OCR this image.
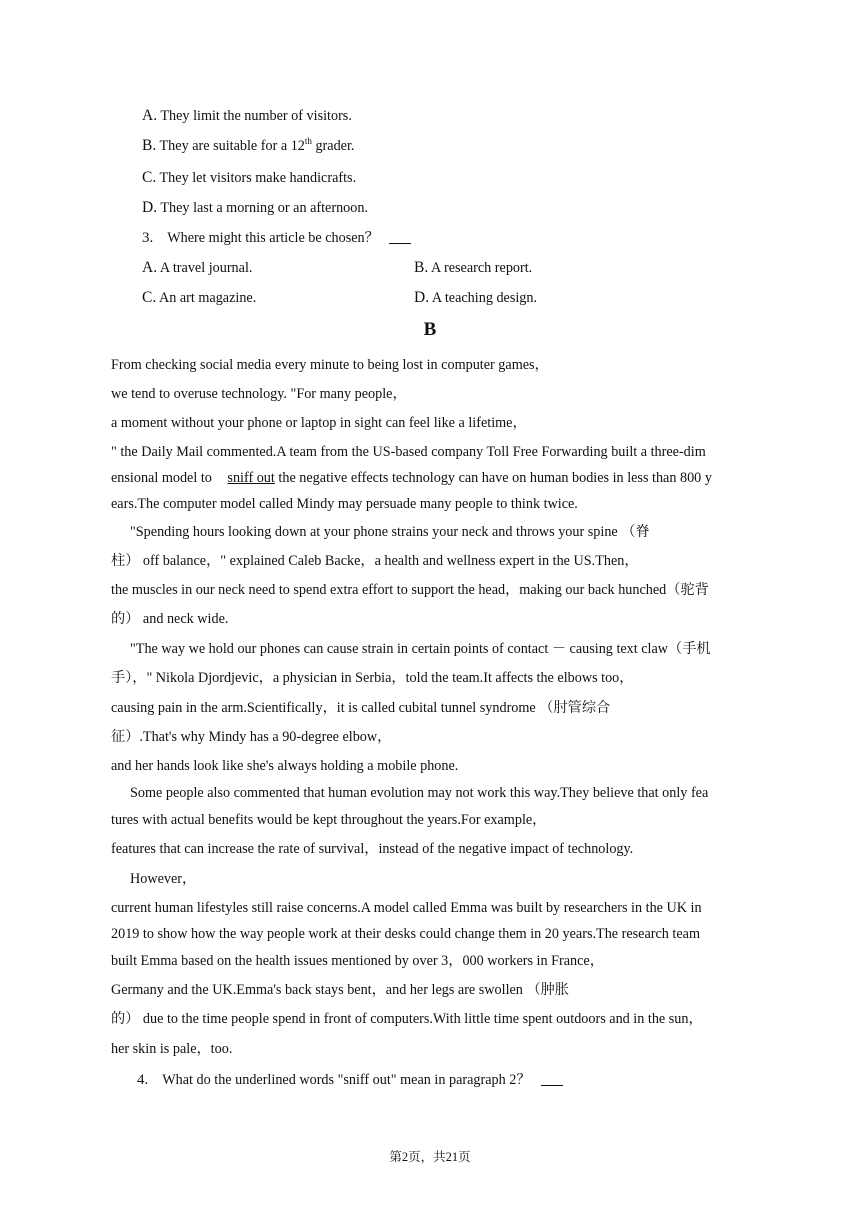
A. They limit the number of visitors.
B. They are suitable for a 12th grader.
C. They let visitors make handicrafts.
D. They last a morning or an afternoon.
3. Where might this article be chosen？
A. A travel journal.	B. A research report.
C. An art magazine.	D. A teaching design.
B
From checking social media every minute to being lost in computer games，
we tend to overuse technology. "For many people，
a moment without your phone or laptop in sight can feel like a lifetime，
" the Daily Mail commented.A team from the US-based company Toll Free Forwarding built a three-dim
ensional model to sniff out the negative effects technology can have on human bodies in less than 800 y
ears.The computer model called Mindy may persuade many people to think twice.
"Spending hours looking down at your phone strains your neck and throws your spine （脊
柱） off balance，" explained Caleb Backe，a health and wellness expert in the US.Then，
the muscles in our neck need to spend extra effort to support the head，making our back hunched（驼背
的） and neck wide.
"The way we hold our phones can cause strain in certain points of contact － causing text claw（手机
手），" Nikola Djordjevic，a physician in Serbia，told the team.It affects the elbows too，
causing pain in the arm.Scientifically，it is called cubital tunnel syndrome （肘管综合
征）.That's why Mindy has a 90-degree elbow，
and her hands look like she's always holding a mobile phone.
Some people also commented that human evolution may not work this way.They believe that only fea
tures with actual benefits would be kept throughout the years.For example，
features that can increase the rate of survival，instead of the negative impact of technology.
However，
current human lifestyles still raise concerns.A model called Emma was built by researchers in the UK in
2019 to show how the way people work at their desks could change them in 20 years.The research team
built Emma based on the health issues mentioned by over 3，000 workers in France，
Germany and the UK.Emma's back stays bent，and her legs are swollen （肿胀
的） due to the time people spend in front of computers.With little time spent outdoors and in the sun，
her skin is pale，too.
4. What do the underlined words "sniff out" mean in paragraph 2？
第2页，共21页
